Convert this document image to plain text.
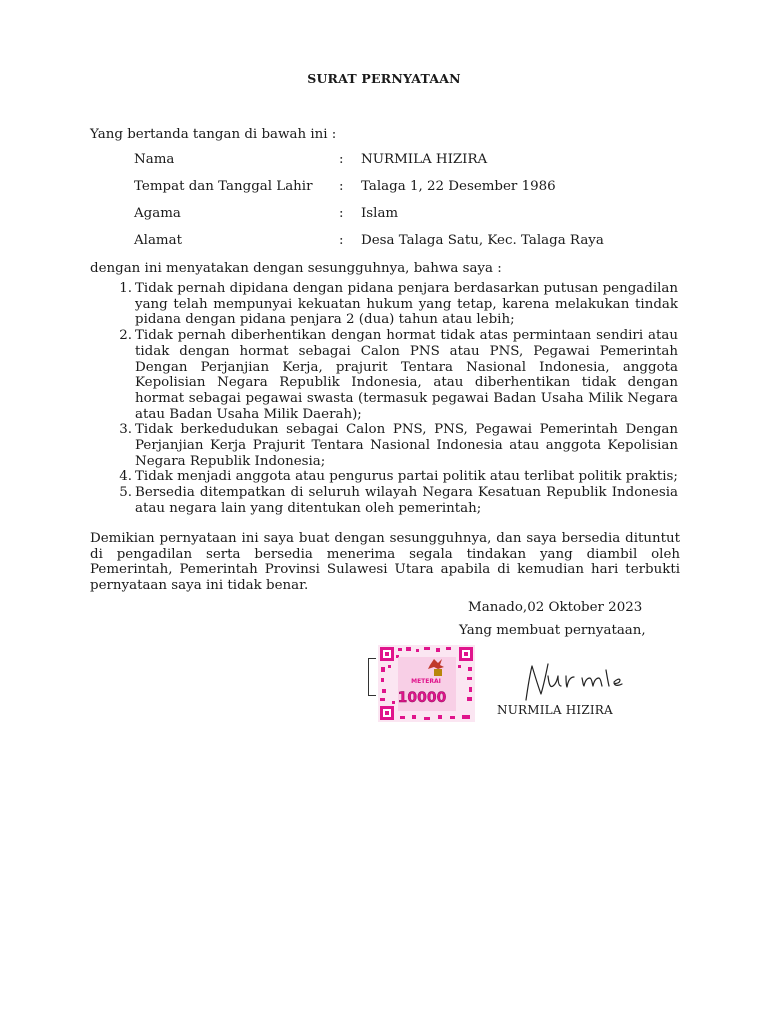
SURAT PERNYATAAN
Yang bertanda tangan di bawah ini :
Nama	: NURMILA HIZIRA
Tempat dan Tanggal Lahir : Talaga 1, 22 Desember 1986
Agama	: Islam
Alamat	: Desa Talaga Satu, Kec. Talaga Raya
dengan ini menyatakan dengan sesungguhnya, bahwa saya :
1. Tidak pernah dipidana dengan pidana penjara berdasarkan putusan pengadilan yang telah mempunyai kekuatan hukum yang tetap, karena melakukan tindak pidana dengan pidana penjara 2 (dua) tahun atau lebih;
2. Tidak pernah diberhentikan dengan hormat tidak atas permintaan sendiri atau tidak dengan hormat sebagai Calon PNS atau PNS, Pegawai Pemerintah Dengan Perjanjian Kerja, prajurit Tentara Nasional Indonesia, anggota Kepolisian Negara Republik Indonesia, atau diberhentikan tidak dengan hormat sebagai pegawai swasta (termasuk pegawai Badan Usaha Milik Negara atau Badan Usaha Milik Daerah);
3. Tidak berkedudukan sebagai Calon PNS, PNS, Pegawai Pemerintah Dengan Perjanjian Kerja Prajurit Tentara Nasional Indonesia atau anggota Kepolisian Negara Republik Indonesia;
4. Tidak menjadi anggota atau pengurus partai politik atau terlibat politik praktis;
5. Bersedia ditempatkan di seluruh wilayah Negara Kesatuan Republik Indonesia atau negara lain yang ditentukan oleh pemerintah;
Demikian pernyataan ini saya buat dengan sesungguhnya, dan saya bersedia dituntut di pengadilan serta bersedia menerima segala tindakan yang diambil oleh Pemerintah, Pemerintah Provinsi Sulawesi Utara apabila di kemudian hari terbukti pernyataan saya ini tidak benar.
Manado,02 Oktober 2023
Yang membuat pernyataan,
METERAI
10000
NURMILA HIZIRA
